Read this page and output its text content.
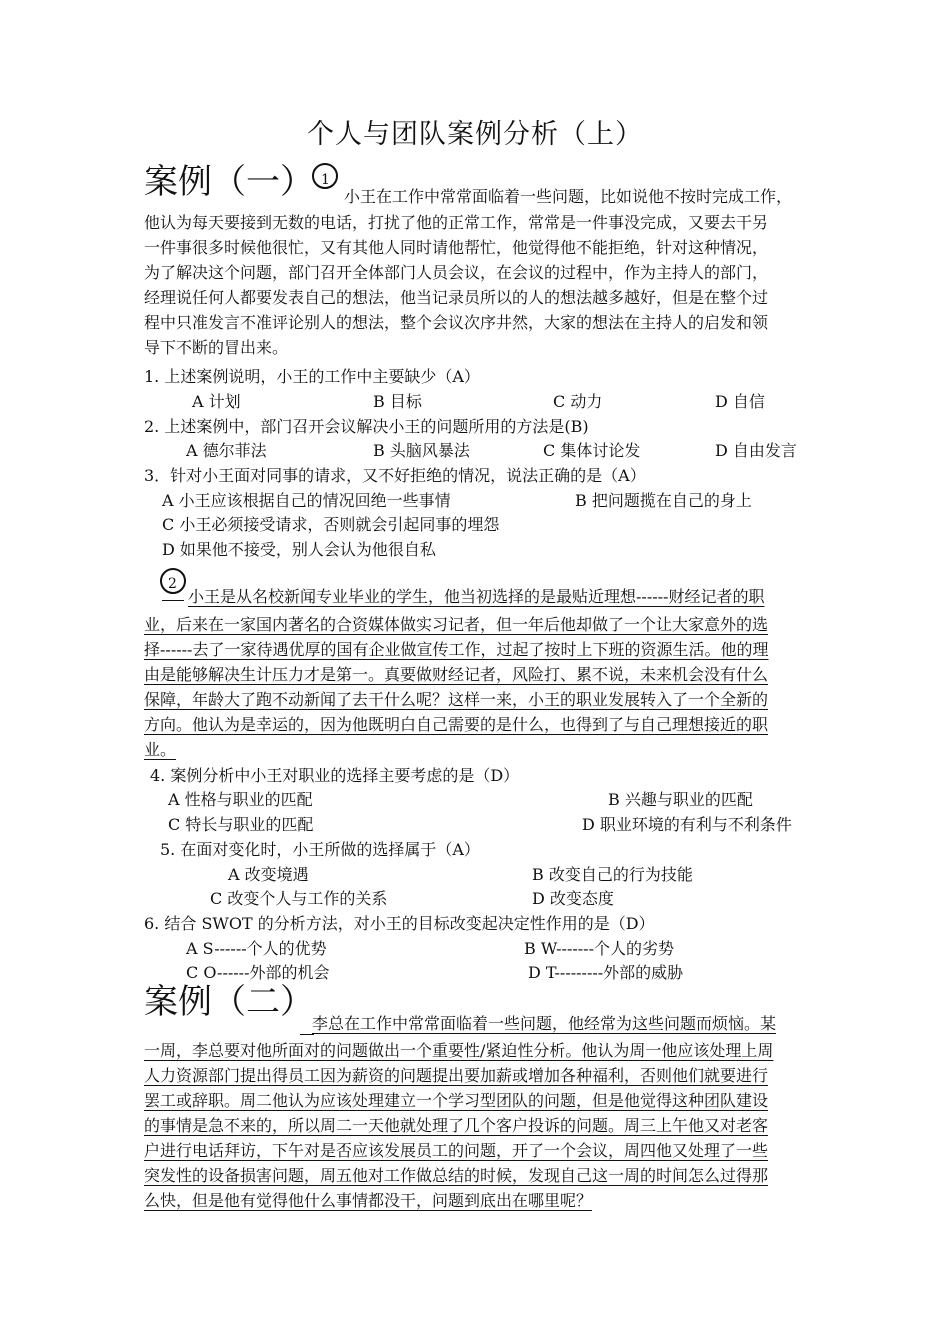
个人与团队案例分析（上）
案例（一） 1
小王在工作中常常面临着一些问题，比如说他不按时完成工作，
他认为每天要接到无数的电话，打扰了他的正常工作，常常是一件事没完成，又要去干另
一件事很多时候他很忙，又有其他人同时请他帮忙，他觉得他不能拒绝，针对这种情况，
为了解决这个问题，部门召开全体部门人员会议，在会议的过程中，作为主持人的部门，
经理说任何人都要发表自己的想法，他当记录员所以的人的想法越多越好，但是在整个过
程中只准发言不准评论别人的想法，整个会议次序井然，大家的想法在主持人的启发和领
导下不断的冒出来。
1. 上述案例说明，小王的工作中主要缺少（A）
A 计划	B 目标	C 动力	D 自信
2. 上述案例中，部门召开会议解决小王的问题所用的方法是(B)
A 德尔菲法	B 头脑风暴法	C 集体讨论发	D 自由发言
3．针对小王面对同事的请求，又不好拒绝的情况，说法正确的是（A）
A 小王应该根据自己的情况回绝一些事情	B 把问题揽在自己的身上
C 小王必须接受请求，否则就会引起同事的埋怨
D 如果他不接受，别人会认为他很自私
2
小王是从名校新闻专业毕业的学生，他当初选择的是最贴近理想------财经记者的职
业，后来在一家国内著名的合资媒体做实习记者，但一年后他却做了一个让大家意外的选
择------去了一家待遇优厚的国有企业做宣传工作，过起了按时上下班的资源生活。他的理
由是能够解决生计压力才是第一。真要做财经记者，风险打、累不说，未来机会没有什么
保障，年龄大了跑不动新闻了去干什么呢？这样一来，小王的职业发展转入了一个全新的
方向。他认为是幸运的，因为他既明白自己需要的是什么，也得到了与自己理想接近的职
业。
4. 案例分析中小王对职业的选择主要考虑的是（D）
A 性格与职业的匹配	B 兴趣与职业的匹配
C 特长与职业的匹配	D 职业环境的有利与不利条件
5. 在面对变化时，小王所做的选择属于（A）
A 改变境遇	B 改变自己的行为技能
C 改变个人与工作的关系	D 改变态度
6. 结合 SWOT 的分析方法，对小王的目标改变起决定性作用的是（D）
A S------个人的优势	B W-------个人的劣势
C O------外部的机会	D T---------外部的威胁
案例（二）
李总在工作中常常面临着一些问题，他经常为这些问题而烦恼。某
一周，李总要对他所面对的问题做出一个重要性/紧迫性分析。他认为周一他应该处理上周
人力资源部门提出得员工因为薪资的问题提出要加薪或增加各种福利，否则他们就要进行
罢工或辞职。周二他认为应该处理建立一个学习型团队的问题，但是他觉得这种团队建设
的事情是急不来的，所以周二一天他就处理了几个客户投诉的问题。周三上午他又对老客
户进行电话拜访，下午对是否应该发展员工的问题，开了一个会议，周四他又处理了一些
突发性的设备损害问题，周五他对工作做总结的时候，发现自己这一周的时间怎么过得那
么快，但是他有觉得他什么事情都没干，问题到底出在哪里呢？
